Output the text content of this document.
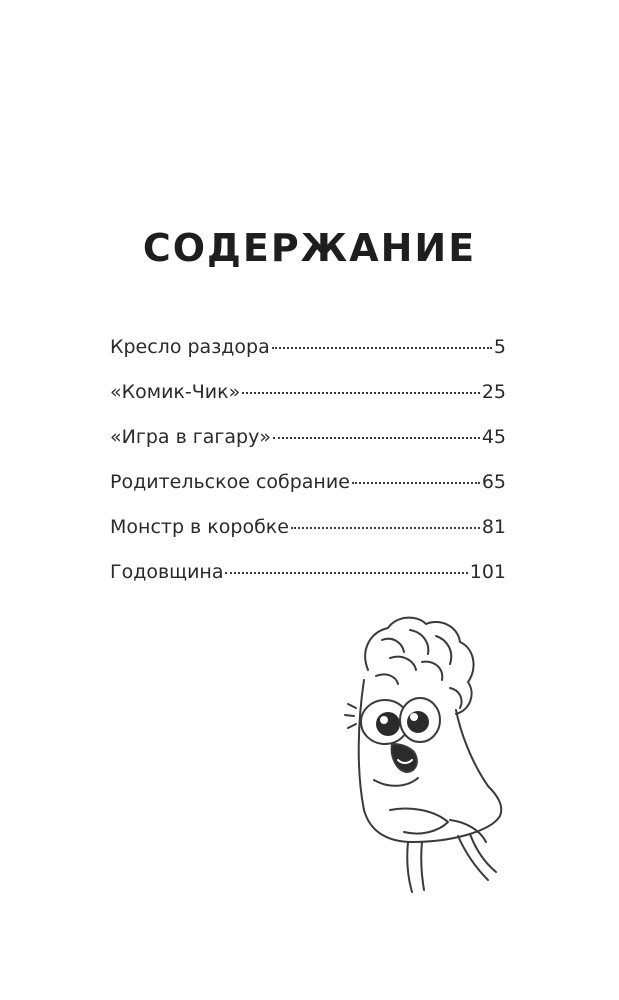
СОДЕРЖАНИЕ
Кресло раздора	5
«Комик-Чик»	25
«Игра в гагару»	45
Родительское собрание	65
Монстр в коробке	81
Годовщина	101
